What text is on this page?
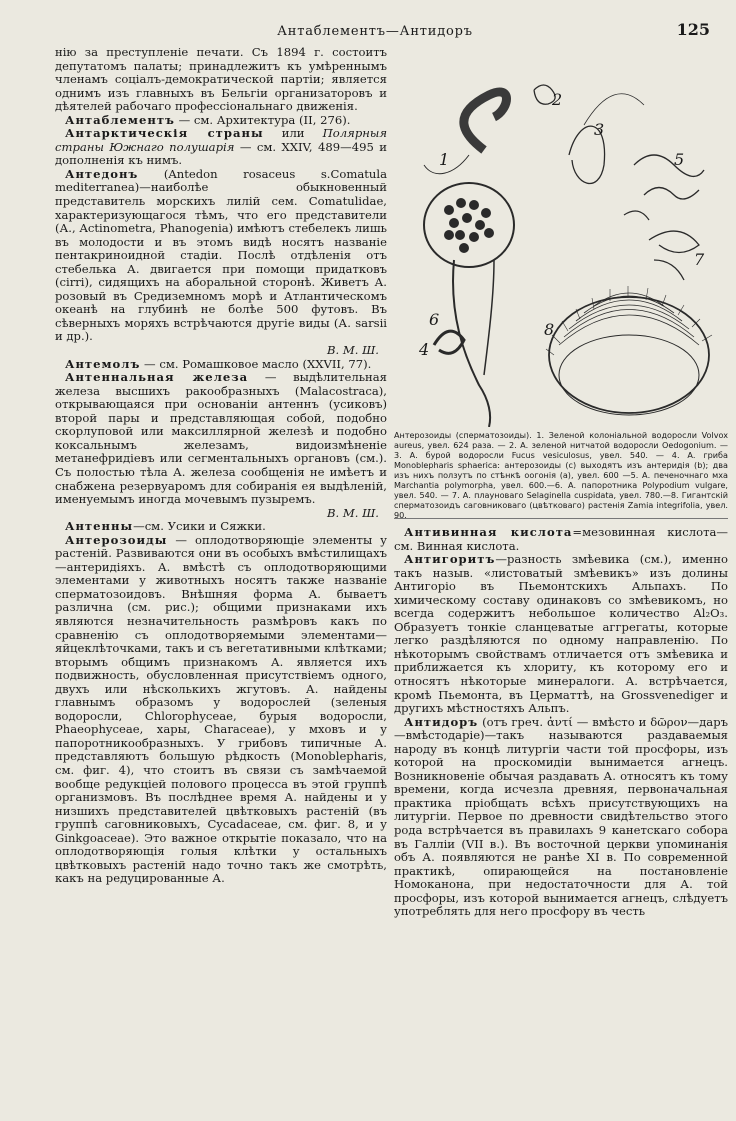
Антаблементъ—Антидоръ	125

нію за преступленіе печати. Съ 1894 г. состоитъ депутатомъ палаты; принадлежитъ къ умѣреннымъ членамъ соціалъ-демократической партіи; является однимъ изъ главныхъ въ Бельгіи организаторовъ и дѣятелей рабочаго профессіональнаго движенія.

Антаблементъ — см. Архитектура (II, 276).

Антарктическія страны или Полярныя страны Южнаго полушарія — см. XXIV, 489—495 и дополненія къ нимъ.

Антедонъ (Antedon rosaceus s.Comatula mediterranea)—наиболѣе обыкновенный представитель морскихъ лилій сем. Comatulidae, характеризующагося тѣмъ, что его представители (А., Actinometra, Phanogenia) имѣютъ стебелекъ лишь въ молодости и въ этомъ видѣ носятъ названіе пентакриноидной стадіи. Послѣ отдѣленія отъ стебелька А. двигается при помощи придатковъ (cirri), сидящихъ на аборальной сторонѣ. Живетъ А. розовый въ Средиземномъ морѣ и Атлантическомъ океанѣ на глубинѣ не болѣе 500 футовъ. Въ сѣверныхъ моряхъ встрѣчаются другіе виды (А. sarsii и др.).
В. М. Ш.

Антемолъ — см. Ромашковое масло (XXVII, 77).

Антеннальная железа — выдѣлительная железа высшихъ ракообразныхъ (Malacostraca), открывающаяся при основаніи антеннъ (усиковъ) второй пары и представляющая собой, подобно скорлуповой или максиллярной железѣ и подобно коксальнымъ железамъ, видоизмѣненіе метанефридіевъ или сегментальныхъ органовъ (см.). Съ полостью тѣла А. железа сообщенія не имѣетъ и снабжена резервуаромъ для собиранія ея выдѣленій, именуемымъ иногда мочевымъ пузыремъ.
В. М. Ш.

Антенны—см. Усики и Сяжки.

Антерозоиды — оплодотворяющіе элементы у растеній. Развиваются они въ особыхъ вмѣстилищахъ—антеридіяхъ. А. вмѣстѣ съ оплодотворяющими элементами у животныхъ носятъ также названіе сперматозоидовъ. Внѣшняя форма А. бываетъ различна (см. рис.); общими признаками ихъ являются незначительность размѣровъ какъ по сравненію съ оплодотворяемыми элементами—яйцеклѣточками, такъ и съ вегетативными клѣтками; вторымъ общимъ признакомъ А. является ихъ подвижность, обусловленная присутствіемъ одного, двухъ или нѣсколькихъ жгутовъ. А. найдены главнымъ образомъ у водорослей (зеленыя водоросли, Chlorophyceae, бурыя водоросли, Phaeophyceae, хары, Characeae), у мховъ и у папоротникообразныхъ. У грибовъ типичные А. представляютъ большую рѣдкость (Monoblepharis, см. фиг. 4), что стоитъ въ связи съ замѣчаемой вообще редукціей полового процесса въ этой группѣ организмовъ. Въ послѣднее время А. найдены и у низшихъ представителей цвѣтковыхъ растеній (въ группѣ саговниковыхъ, Cycadaceae, см. фиг. 8, и у Ginkgoaceae). Это важное открытіе показало, что на оплодотворяющія голыя клѣтки у остальныхъ цвѣтковыхъ растеній надо точно такъ же смотрѣть, какъ на редуцированные А.

1
2
3
4
5
6
7
8
Антерозоиды (сперматозоиды). 1. Зеленой колоніальной водоросли Volvox aureus, увел. 624 раза. — 2. А. зеленой нитчатой водоросли Oedogonium. — 3. А. бурой водоросли Fucus vesiculosus, увел. 540. — 4. А. гриба Monoblepharis sphaerica: антерозоиды (с) выходятъ изъ антеридія (b); два изъ нихъ ползутъ по стѣнкѣ оогонія (а), увел. 600 —5. А. печеночнаго мха Marchantia polymorpha, увел. 600.—6. А. папоротника Polypodium vulgare, увел. 540. — 7. А. плауноваго Selaginella cuspidata, увел. 780.—8. Гигантскій сперматозоидъ саговниковаго (цвѣтковаго) растенія Zamia integrifolia, увел. 90.

Антивинная кислота=мезовинная кислота—см. Винная кислота.

Антигоритъ—разность змѣевика (см.), именно такъ назыв. «листоватый змѣевикъ» изъ долины Антигоріо въ Пьемонтскихъ Альпахъ. По химическому составу одинаковъ со змѣевикомъ, но всегда содержитъ небольшое количество Al₂O₃. Образуетъ тонкіе сланцеватые аггрегаты, которые легко раздѣляются по одному направленію. По нѣкоторымъ свойствамъ отличается отъ змѣевика и приближается къ хлориту, къ которому его и относятъ нѣкоторые минералоги. А. встрѣчается, кромѣ Пьемонта, въ Церматтѣ, на Grossvenediger и другихъ мѣстностяхъ Альпъ.

Антидоръ (отъ греч. ἀντί — вмѣсто и δῶρον—даръ—вмѣстодаріе)—такъ называются раздаваемыя народу въ концѣ литургіи части той просфоры, изъ которой на проскомидіи вынимается агнецъ. Возникновеніе обычая раздавать А. относятъ къ тому времени, когда исчезла древняя, первоначальная практика пріобщать всѣхъ присутствующихъ на литургіи. Первое по древности свидѣтельство этого рода встрѣчается въ правилахъ 9 канетскаго собора въ Галліи (VII в.). Въ восточной церкви упоминанія объ А. появляются не ранѣе XI в. По современной практикѣ, опирающейся на постановленіе Номоканона, при недостаточности для А. той просфоры, изъ которой вынимается агнецъ, слѣдуетъ употреблять для него просфору въ честь
